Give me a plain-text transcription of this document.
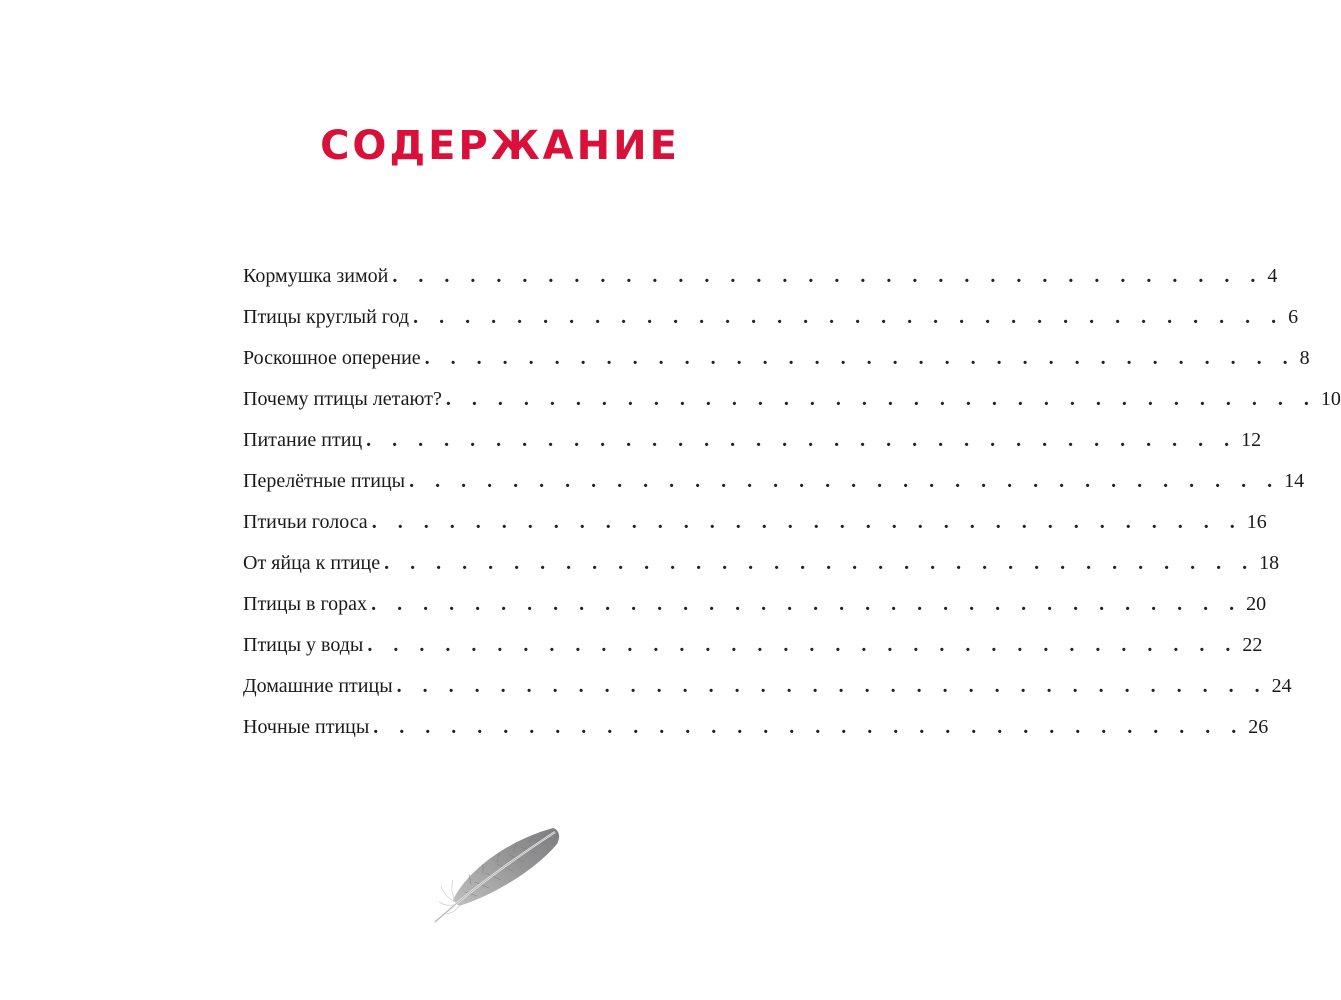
СОДЕРЖАНИЕ
Кормушка зимой . . . . . . . . . . . . . . . . . . . . . . . . . . . . . . . . . . 4
Птицы круглый год . . . . . . . . . . . . . . . . . . . . . . . . . . . . . . . . . . 6
Роскошное оперение . . . . . . . . . . . . . . . . . . . . . . . . . . . . . . . . . . 8
Почему птицы летают? . . . . . . . . . . . . . . . . . . . . . . . . . . . . . . . . . . 10
Питание птиц . . . . . . . . . . . . . . . . . . . . . . . . . . . . . . . . . . 12
Перелётные птицы . . . . . . . . . . . . . . . . . . . . . . . . . . . . . . . . . . 14
Птичьи голоса . . . . . . . . . . . . . . . . . . . . . . . . . . . . . . . . . . 16
От яйца к птице . . . . . . . . . . . . . . . . . . . . . . . . . . . . . . . . . . 18
Птицы в горах . . . . . . . . . . . . . . . . . . . . . . . . . . . . . . . . . . 20
Птицы у воды . . . . . . . . . . . . . . . . . . . . . . . . . . . . . . . . . . 22
Домашние птицы . . . . . . . . . . . . . . . . . . . . . . . . . . . . . . . . . . 24
Ночные птицы . . . . . . . . . . . . . . . . . . . . . . . . . . . . . . . . . . 26
